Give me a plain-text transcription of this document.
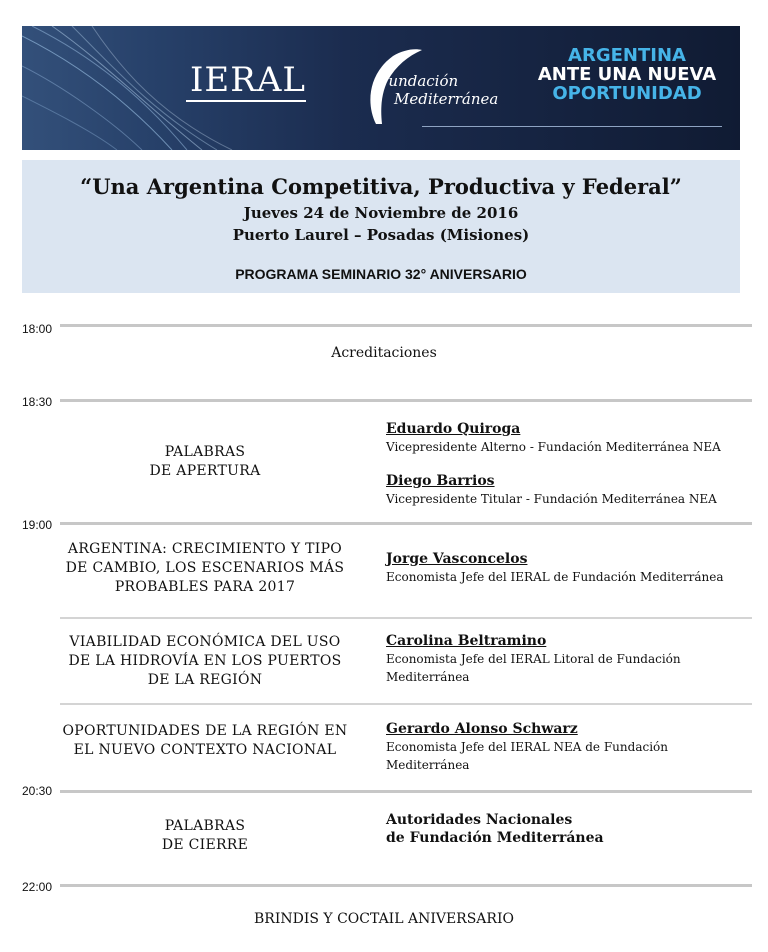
IERAL	Fundación
Mediterránea
ARGENTINA
ANTE UNA NUEVA
OPORTUNIDAD
“Una Argentina Competitiva, Productiva y Federal”
Jueves 24 de Noviembre de 2016
Puerto Laurel – Posadas (Misiones)
PROGRAMA SEMINARIO 32° ANIVERSARIO
18:00
Acreditaciones
18:30
PALABRAS
DE APERTURA
Eduardo Quiroga
Vicepresidente Alterno - Fundación Mediterránea NEA
Diego Barrios
Vicepresidente Titular - Fundación Mediterránea NEA
19:00
ARGENTINA: CRECIMIENTO Y TIPO
DE CAMBIO, LOS ESCENARIOS MÁS
PROBABLES PARA 2017
Jorge Vasconcelos
Economista Jefe del IERAL de Fundación Mediterránea
VIABILIDAD ECONÓMICA DEL USO
DE LA HIDROVÍA EN LOS PUERTOS
DE LA REGIÓN
Carolina Beltramino
Economista Jefe del IERAL Litoral de Fundación
Mediterránea
OPORTUNIDADES DE LA REGIÓN EN
EL NUEVO CONTEXTO NACIONAL
Gerardo Alonso Schwarz
Economista Jefe del IERAL NEA de Fundación
Mediterránea
20:30
PALABRAS
DE CIERRE
Autoridades Nacionales
de Fundación Mediterránea
22:00
BRINDIS Y COCTAIL ANIVERSARIO
